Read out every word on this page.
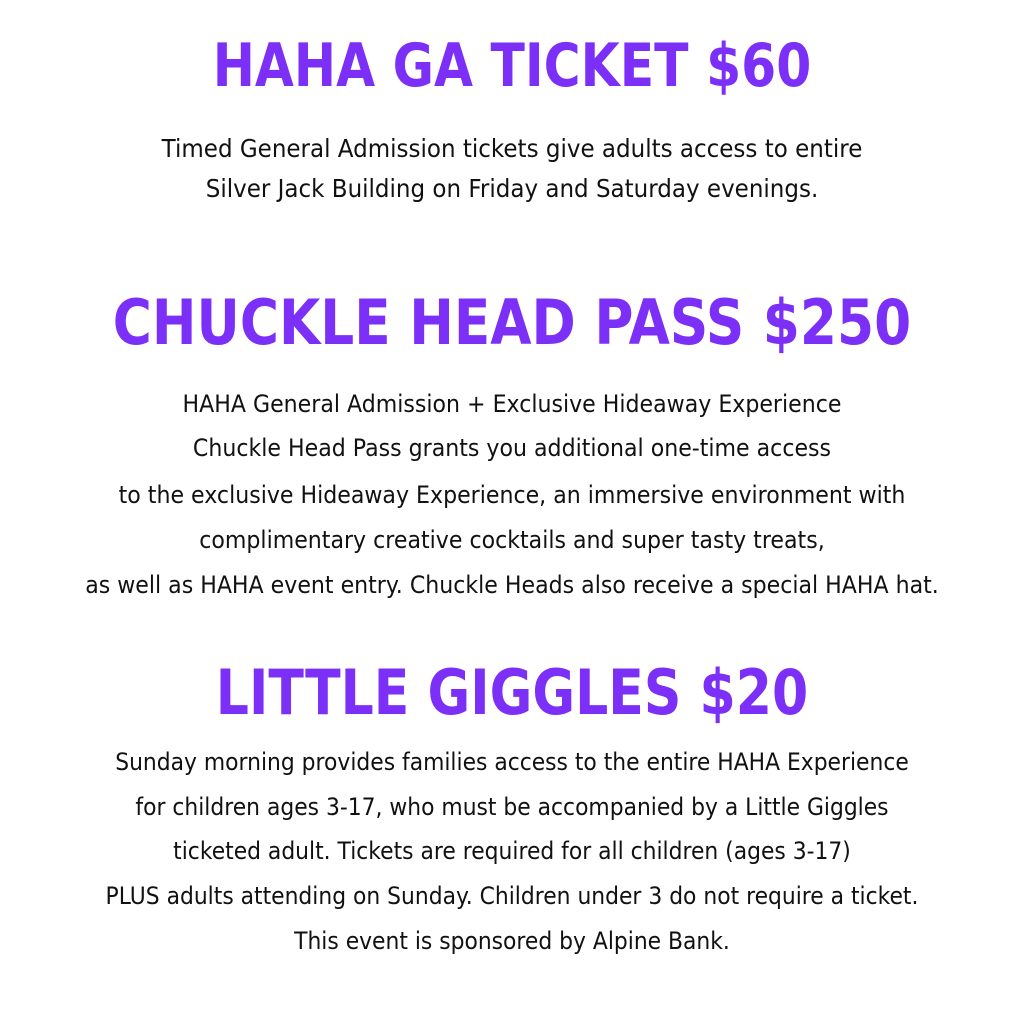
HAHA GA TICKET $60
Timed General Admission tickets give adults access to entire
Silver Jack Building on Friday and Saturday evenings.
CHUCKLE HEAD PASS $250
HAHA General Admission + Exclusive Hideaway Experience
Chuckle Head Pass grants you additional one-time access
to the exclusive Hideaway Experience, an immersive environment with
complimentary creative cocktails and super tasty treats,
as well as HAHA event entry. Chuckle Heads also receive a special HAHA hat.
LITTLE GIGGLES $20
Sunday morning provides families access to the entire HAHA Experience
for children ages 3-17, who must be accompanied by a Little Giggles
ticketed adult. Tickets are required for all children (ages 3-17)
PLUS adults attending on Sunday. Children under 3 do not require a ticket.
This event is sponsored by Alpine Bank.
